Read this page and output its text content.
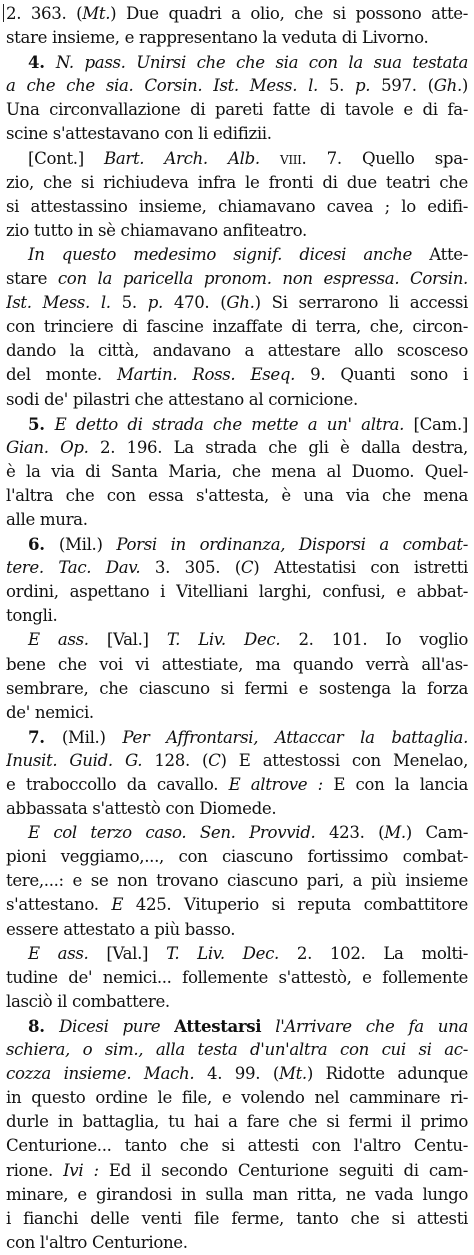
2. 363. (Mt.) Due quadri a olio, che si possono atte-
stare insieme, e rappresentano la veduta di Livorno.
4. N. pass. Unirsi che che sia con la sua testata
a che che sia. Corsin. Ist. Mess. l. 5. p. 597. (Gh.)
Una circonvallazione di pareti fatte di tavole e di fa-
scine s'attestavano con li edifizii.
[Cont.] Bart. Arch. Alb. viii. 7. Quello spa-
zio, che si richiudeva infra le fronti di due teatri che
si attestassino insieme, chiamavano cavea ; lo edifi-
zio tutto in sè chiamavano anfiteatro.
In questo medesimo signif. dicesi anche Atte-
stare con la paricella pronom. non espressa. Corsin.
Ist. Mess. l. 5. p. 470. (Gh.) Si serrarono li accessi
con trinciere di fascine inzaffate di terra, che, circon-
dando la città, andavano a attestare allo scosceso
del monte. Martin. Ross. Eseq. 9. Quanti sono i
sodi de' pilastri che attestano al cornicione.
5. E detto di strada che mette a un' altra. [Cam.]
Gian. Op. 2. 196. La strada che gli è dalla destra,
è la via di Santa Maria, che mena al Duomo. Quel-
l'altra che con essa s'attesta, è una via che mena
alle mura.
6. (Mil.) Porsi in ordinanza, Disporsi a combat-
tere. Tac. Dav. 3. 305. (C) Attestatisi con istretti
ordini, aspettano i Vitelliani larghi, confusi, e abbat-
tongli.
E ass. [Val.] T. Liv. Dec. 2. 101. Io voglio
bene che voi vi attestiate, ma quando verrà all'as-
sembrare, che ciascuno si fermi e sostenga la forza
de' nemici.
7. (Mil.) Per Affrontarsi, Attaccar la battaglia.
Inusit. Guid. G. 128. (C) E attestossi con Menelao,
e traboccollo da cavallo. E altrove : E con la lancia
abbassata s'attestò con Diomede.
E col terzo caso. Sen. Provvid. 423. (M.) Cam-
pioni veggiamo,..., con ciascuno fortissimo combat-
tere,...: e se non trovano ciascuno pari, a più insieme
s'attestano. E 425. Vituperio si reputa combattitore
essere attestato a più basso.
E ass. [Val.] T. Liv. Dec. 2. 102. La molti-
tudine de' nemici... follemente s'attestò, e follemente
lasciò il combattere.
8. Dicesi pure Attestarsi l'Arrivare che fa una
schiera, o sim., alla testa d'un'altra con cui si ac-
cozza insieme. Mach. 4. 99. (Mt.) Ridotte adunque
in questo ordine le file, e volendo nel camminare ri-
durle in battaglia, tu hai a fare che si fermi il primo
Centurione... tanto che si attesti con l'altro Centu-
rione. Ivi : Ed il secondo Centurione seguiti di cam-
minare, e girandosi in sulla man ritta, ne vada lungo
i fianchi delle venti file ferme, tanto che si attesti
con l'altro Centurione.
